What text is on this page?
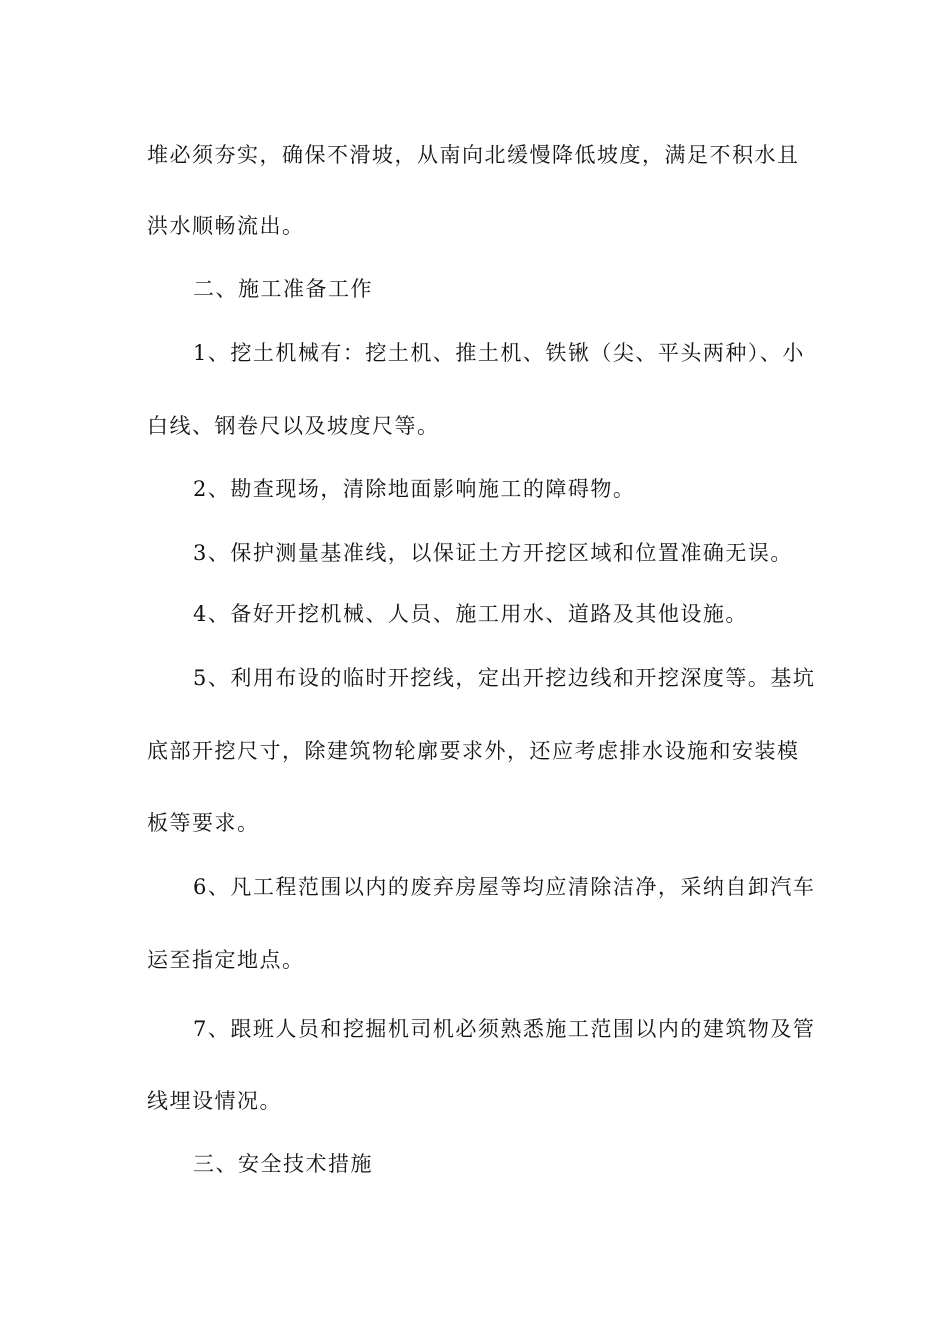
堆必须夯实，确保不滑坡，从南向北缓慢降低坡度，满足不积水且
洪水顺畅流出。
二、施工准备工作
1、挖土机械有：挖土机、推土机、铁锹（尖、平头两种）、小
白线、钢卷尺以及坡度尺等。
2、勘查现场，清除地面影响施工的障碍物。
3、保护测量基准线，以保证土方开挖区域和位置准确无误。
4、备好开挖机械、人员、施工用水、道路及其他设施。
5、利用布设的临时开挖线，定出开挖边线和开挖深度等。基坑
底部开挖尺寸，除建筑物轮廓要求外，还应考虑排水设施和安装模
板等要求。
6、凡工程范围以内的废弃房屋等均应清除洁净，采纳自卸汽车
运至指定地点。
7、跟班人员和挖掘机司机必须熟悉施工范围以内的建筑物及管
线埋设情况。
三、安全技术措施
